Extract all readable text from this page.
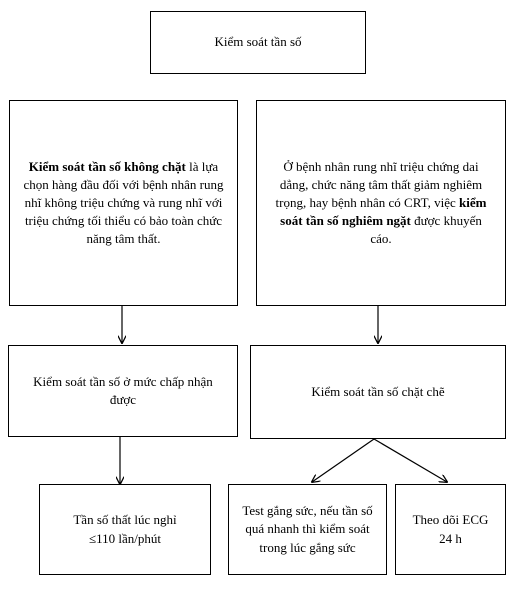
Kiểm soát tần số

Kiểm soát tần số không chặt là lựa chọn hàng đầu đối với bệnh nhân rung nhĩ không triệu chứng và rung nhĩ với triệu chứng tối thiểu có bảo toàn chức năng tâm thất.

Ở bệnh nhân rung nhĩ triệu chứng dai dẳng, chức năng tâm thất giảm nghiêm trọng, hay bệnh nhân có CRT, việc kiểm soát tần số nghiêm ngặt được khuyến cáo.

Kiểm soát tần số ở mức chấp nhận được

Kiểm soát tần số chặt chẽ

Tần số thất lúc nghỉ
≤110 lần/phút

Test gắng sức, nếu tần số quá nhanh thì kiểm soát trong lúc gắng sức

Theo dõi ECG
24 h
